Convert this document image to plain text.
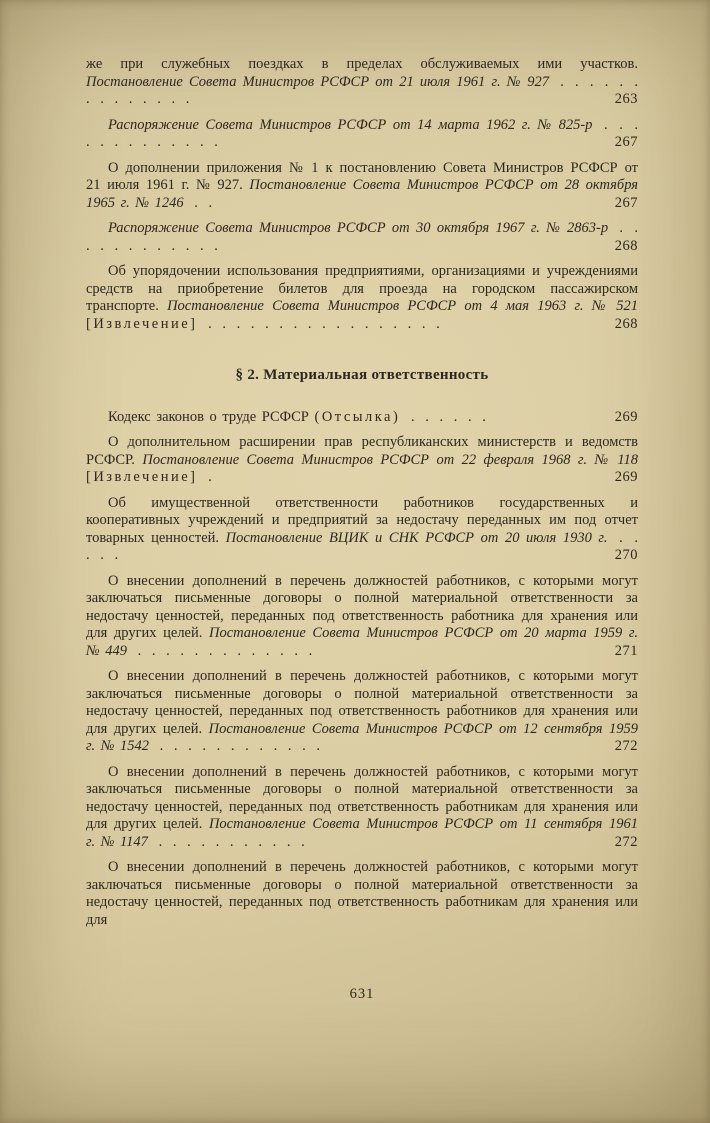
же при служебных поездках в пределах обслуживаемых ими участков. Постановление Совета Министров РСФСР от 21 июля 1961 г. № 927 . . . . . . . . . . . . . .	263

Распоряжение Совета Министров РСФСР от 14 марта 1962 г. № 825-р . . . . . . . . . . . . .	267

О дополнении приложения № 1 к постановлению Совета Министров РСФСР от 21 июля 1961 г. № 927. Постановление Совета Министров РСФСР от 28 октября 1965 г. № 1246 . .	267

Распоряжение Совета Министров РСФСР от 30 октября 1967 г. № 2863-р . . . . . . . . . . . .	268

Об упорядочении использования предприятиями, организациями и учреждениями средств на приобретение билетов для проезда на городском пассажирском транспорте. Постановление Совета Министров РСФСР от 4 мая 1963 г. № 521 [Извлечение] . . . . . . . . . . . . . . . . .	268

§ 2. Материальная ответственность

Кодекс законов о труде РСФСР (Отсылка) . . . . . .	269

О дополнительном расширении прав республиканских министерств и ведомств РСФСР. Постановление Совета Министров РСФСР от 22 февраля 1968 г. № 118 [Извлечение] .	269

Об имущественной ответственности работников государственных и кооперативных учреждений и предприятий за недостачу переданных им под отчет товарных ценностей. Постановление ВЦИК и СНК РСФСР от 20 июля 1930 г. . . . . .	270

О внесении дополнений в перечень должностей работников, с которыми могут заключаться письменные договоры о полной материальной ответственности за недостачу ценностей, переданных под ответственность работника для хранения или для других целей. Постановление Совета Министров РСФСР от 20 марта 1959 г. № 449 . . . . . . . . . . . . .	271

О внесении дополнений в перечень должностей работников, с которыми могут заключаться письменные договоры о полной материальной ответственности за недостачу ценностей, переданных под ответственность работников для хранения или для других целей. Постановление Совета Министров РСФСР от 12 сентября 1959 г. № 1542 . . . . . . . . . . . .	272

О внесении дополнений в перечень должностей работников, с которыми могут заключаться письменные договоры о полной материальной ответственности за недостачу ценностей, переданных под ответственность работникам для хранения или для других целей. Постановление Совета Министров РСФСР от 11 сентября 1961 г. № 1147 . . . . . . . . . . .	272

О внесении дополнений в перечень должностей работников, с которыми могут заключаться письменные договоры о полной материальной ответственности за недостачу ценностей, переданных под ответственность работникам для хранения или для

631
